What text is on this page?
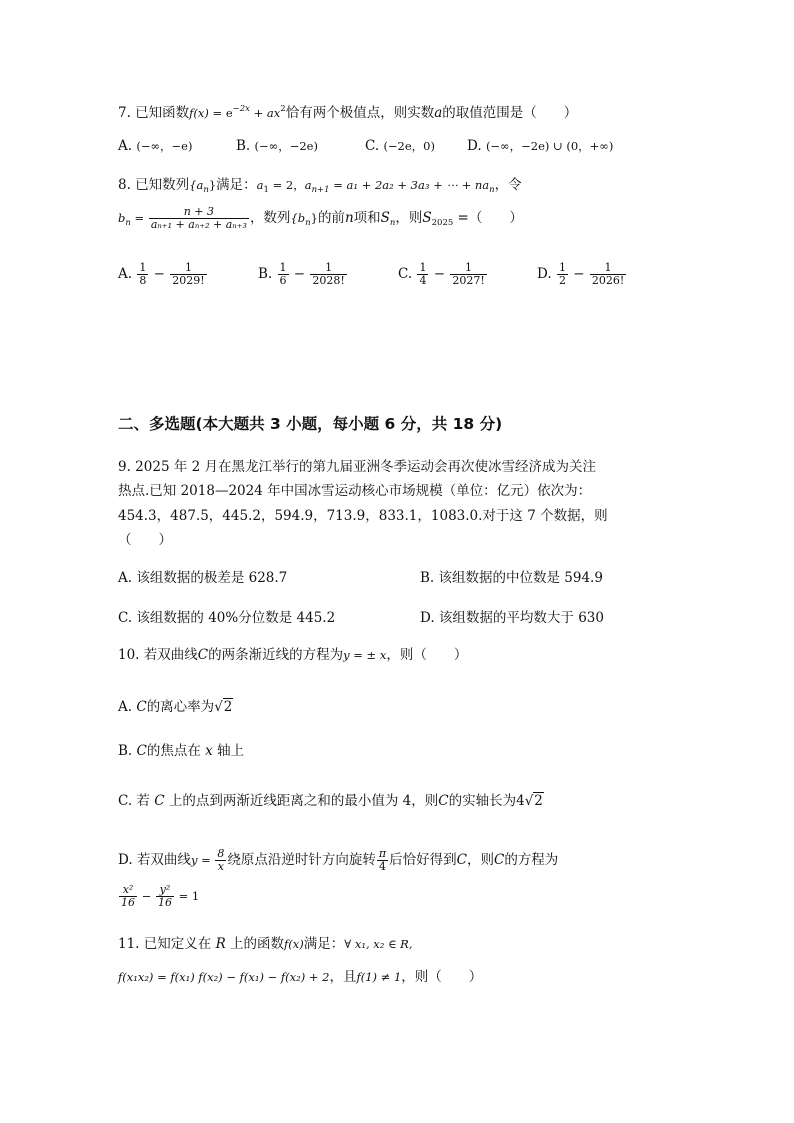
7. 已知函数$f(x) = e^{-2x} + ax^2$恰有两个极值点，则实数a的取值范围是（　　）
A. (−∞，−e)	B. (−∞，−2e)	C. (−2e，0) D. (−∞，−2e) ∪ (0，+∞)
8. 已知数列$\{a_n\}$满足：$a_1 = 2$，$a_{n+1} = a_1 + 2a_2 + 3a_3$ + ⋯ + $na_n$，令
$b_n = \frac{n + 3}{\text{aₙ₊₁ + aₙ₊₂ + aₙ₊₃}}$ ，数列$\{b_n\}$的前n项和$S_n$，则$S_{2025}$ =（　　）
A. $\frac{1}{8} - \frac{1}{2029!}$	B. $\frac{1}{6} - \frac{1}{2028!}$	C. $\frac{1}{4} - \frac{1}{2027!}$	D. $\frac{1}{2} - \frac{1}{2026!}$
二、多选题(本大题共 3 小题，每小题 6 分，共 18 分)
9. 2025 年 2 月在黑龙江举行的第九届亚洲冬季运动会再次使冰雪经济成为关注
热点.已知 2018—2024 年中国冰雪运动核心市场规模（单位：亿元）依次为：
454.3，487.5，445.2，594.9，713.9，833.1，1083.0.对于这 7 个数据，则
（　　）
A. 该组数据的极差是 628.7	B. 该组数据的中位数是 594.9
C. 该组数据的 40%分位数是 445.2	D. 该组数据的平均数大于 630
10. 若双曲线C的两条渐近线的方程为y = ± x，则（　　）
A. C的离心率为√2
B. C的焦点在 x 轴上
C. 若 C 上的点到两渐近线距离之和的最小值为 4，则C的实轴长为4√2
D. 若双曲线$y = \frac{8}{x}$ 绕原点沿逆时针方向旋转 $\frac{\pi}{4}$ 后恰好得到C，则C的方程为
$\frac{\text{x²}}{16} - \frac{\text{y²}}{16} = 1$
11. 已知定义在 R 上的函数f(x)满足：∀ x₁, x₂ ∈ R,
f(x₁x₂) = f(x₁) f(x₂) − f(x₁) − f(x₂) + 2，且f(1) ≠ 1，则（　　）
